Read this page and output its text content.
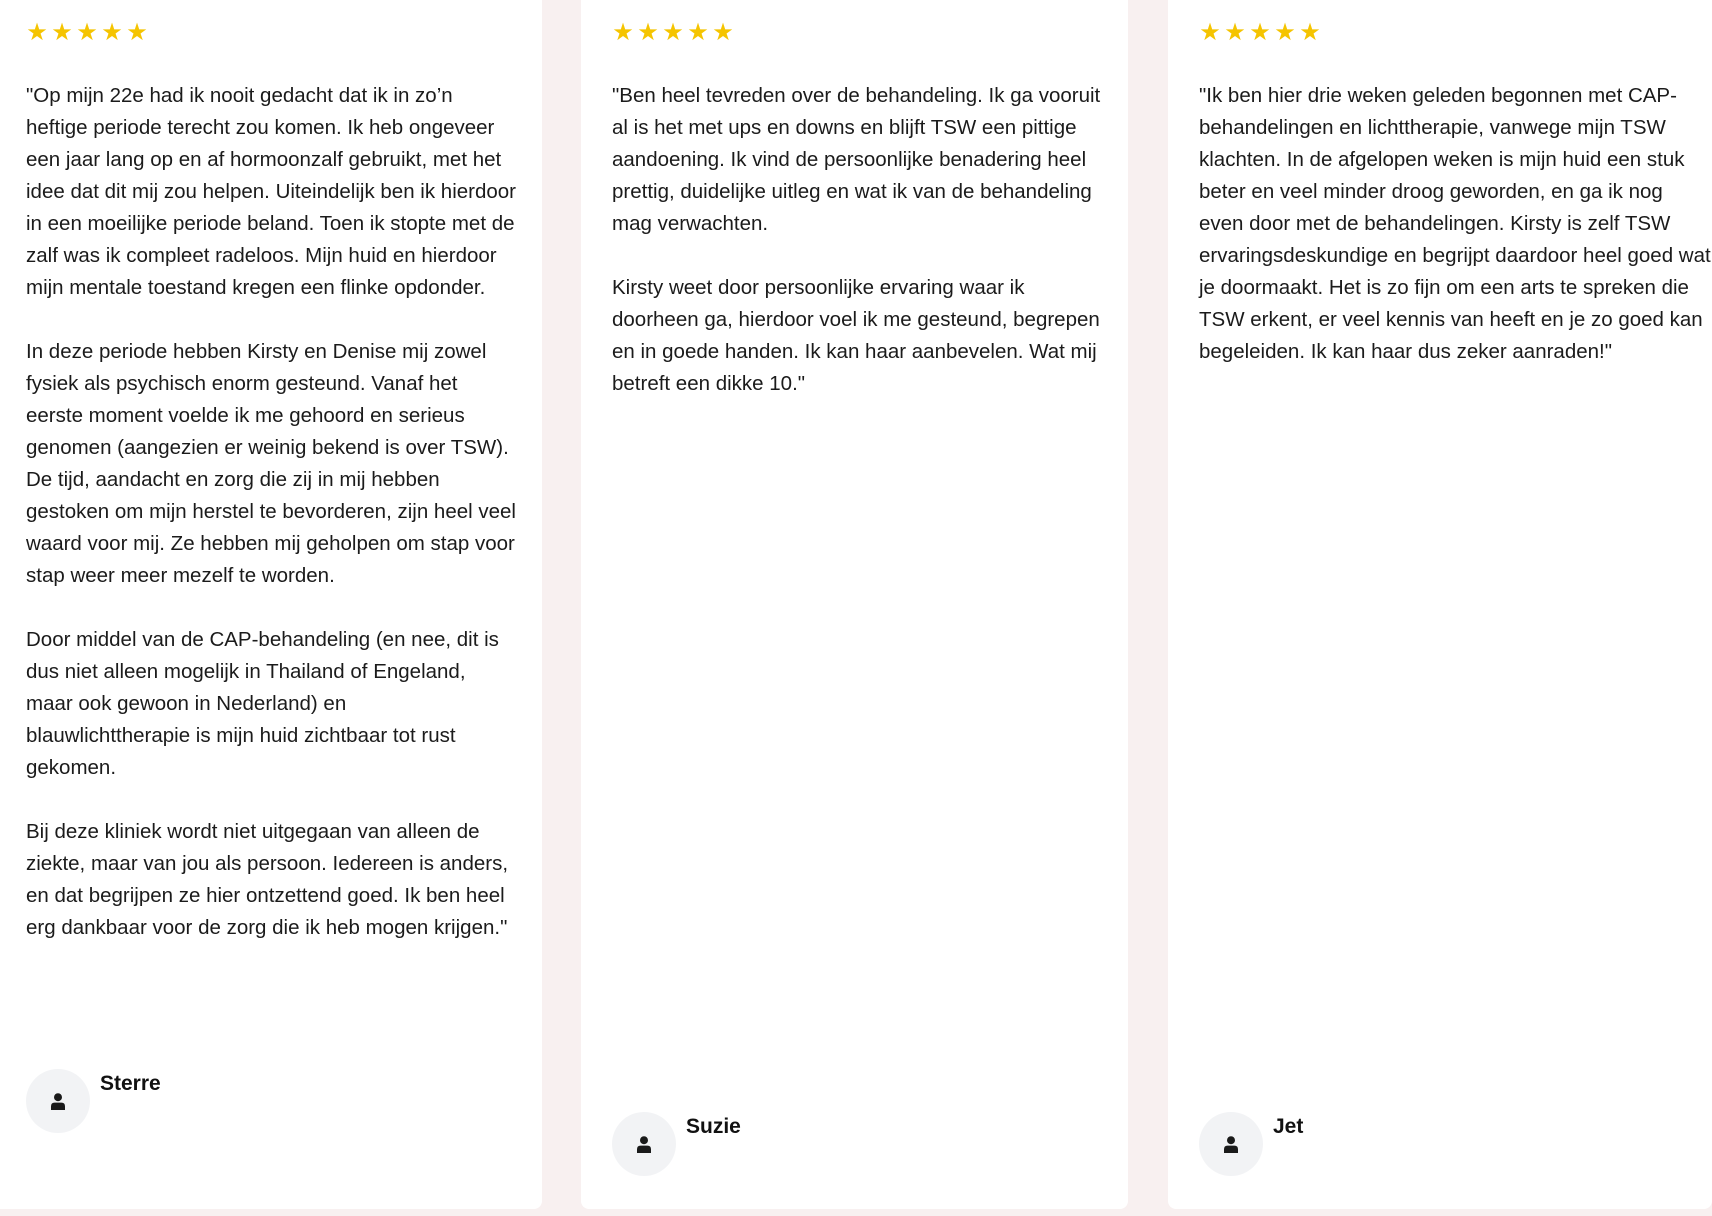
★ ★ ★ ★ ★

"Op mijn 22e had ik nooit gedacht dat ik in zo’n heftige periode terecht zou komen. Ik heb ongeveer een jaar lang op en af hormoonzalf gebruikt, met het idee dat dit mij zou helpen. Uiteindelijk ben ik hierdoor in een moeilijke periode beland. Toen ik stopte met de zalf was ik compleet radeloos. Mijn huid en hierdoor mijn mentale toestand kregen een flinke opdonder.

In deze periode hebben Kirsty en Denise mij zowel fysiek als psychisch enorm gesteund. Vanaf het eerste moment voelde ik me gehoord en serieus genomen (aangezien er weinig bekend is over TSW). De tijd, aandacht en zorg die zij in mij hebben gestoken om mijn herstel te bevorderen, zijn heel veel waard voor mij. Ze hebben mij geholpen om stap voor stap weer meer mezelf te worden.

Door middel van de CAP-behandeling (en nee, dit is dus niet alleen mogelijk in Thailand of Engeland, maar ook gewoon in Nederland) en blauwlichttherapie is mijn huid zichtbaar tot rust gekomen.

Bij deze kliniek wordt niet uitgegaan van alleen de ziekte, maar van jou als persoon. Iedereen is anders, en dat begrijpen ze hier ontzettend goed. Ik ben heel erg dankbaar voor de zorg die ik heb mogen krijgen."

Sterre
★ ★ ★ ★ ★

"Ben heel tevreden over de behandeling. Ik ga vooruit al is het met ups en downs en blijft TSW een pittige aandoening. Ik vind de persoonlijke benadering heel prettig, duidelijke uitleg en wat ik van de behandeling mag verwachten.

Kirsty weet door persoonlijke ervaring waar ik doorheen ga, hierdoor voel ik me gesteund, begrepen en in goede handen. Ik kan haar aanbevelen. Wat mij betreft een dikke 10."

Suzie
★ ★ ★ ★ ★

"Ik ben hier drie weken geleden begonnen met CAP-behandelingen en lichttherapie, vanwege mijn TSW klachten. In de afgelopen weken is mijn huid een stuk beter en veel minder droog geworden, en ga ik nog even door met de behandelingen. Kirsty is zelf TSW ervaringsdeskundige en begrijpt daardoor heel goed wat je doormaakt. Het is zo fijn om een arts te spreken die TSW erkent, er veel kennis van heeft en je zo goed kan begeleiden. Ik kan haar dus zeker aanraden!"

Jet
